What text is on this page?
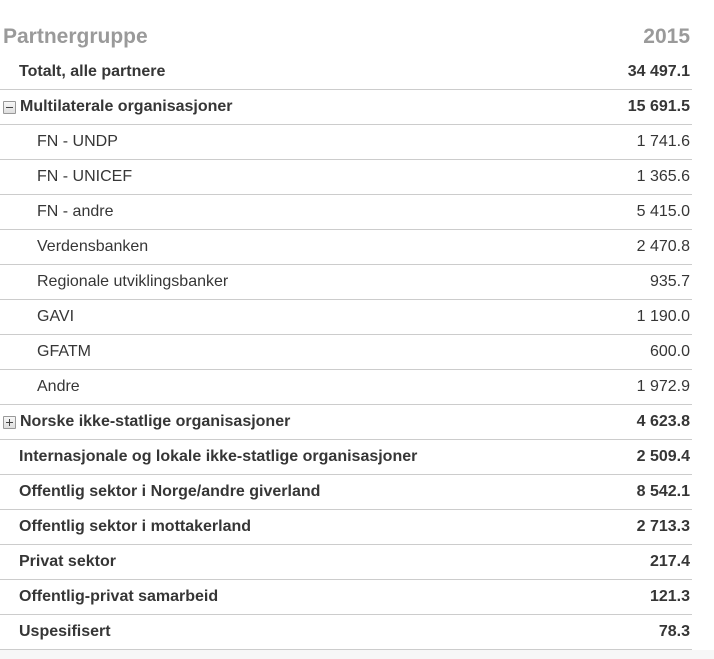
Partnergruppe	2015
Totalt, alle partnere	34 497.1
Multilaterale organisasjoner	15 691.5
FN - UNDP	1 741.6
FN - UNICEF	1 365.6
FN - andre	5 415.0
Verdensbanken	2 470.8
Regionale utviklingsbanker	935.7
GAVI	1 190.0
GFATM	600.0
Andre	1 972.9
Norske ikke-statlige organisasjoner	4 623.8
Internasjonale og lokale ikke-statlige organisasjoner	2 509.4
Offentlig sektor i Norge/andre giverland	8 542.1
Offentlig sektor i mottakerland	2 713.3
Privat sektor	217.4
Offentlig-privat samarbeid	121.3
Uspesifisert	78.3
